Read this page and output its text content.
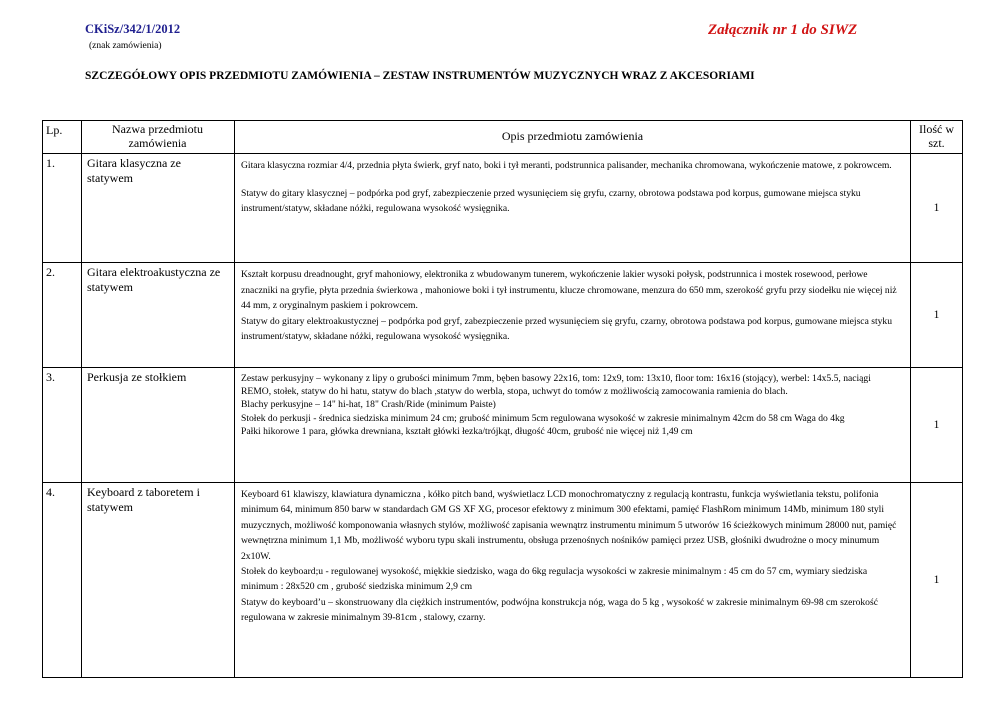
CKiSz/342/1/2012
(znak zamówienia)
Załącznik nr 1 do SIWZ
SZCZEGÓŁOWY OPIS PRZEDMIOTU ZAMÓWIENIA – ZESTAW INSTRUMENTÓW MUZYCZNYCH WRAZ Z AKCESORIAMI
Lp.	Nazwa przedmiotu zamówienia	Opis przedmiotu zamówienia	Ilość w szt.
1.	Gitara klasyczna ze statywem	Gitara klasyczna rozmiar 4/4, przednia płyta świerk, gryf nato, boki i tył meranti, podstrunnica palisander, mechanika chromowana, wykończenie matowe, z pokrowcem.
Statyw do gitary klasycznej – podpórka pod gryf, zabezpieczenie przed wysunięciem się gryfu, czarny, obrotowa podstawa pod korpus, gumowane miejsca styku instrument/statyw, składane nóżki, regulowana wysokość wysięgnika.	1
2.	Gitara elektroakustyczna ze statywem	Kształt korpusu dreadnought, gryf mahoniowy, elektronika z wbudowanym tunerem, wykończenie lakier wysoki połysk, podstrunnica i mostek rosewood, perłowe znaczniki na gryfie, płyta przednia świerkowa , mahoniowe boki i tył instrumentu, klucze chromowane, menzura do 650 mm, szerokość gryfu przy siodełku nie więcej niż 44 mm, z oryginalnym paskiem i pokrowcem.
Statyw do gitary elektroakustycznej – podpórka pod gryf, zabezpieczenie przed wysunięciem się gryfu, czarny, obrotowa podstawa pod korpus, gumowane miejsca styku instrument/statyw, składane nóżki, regulowana wysokość wysięgnika.	1
3.	Perkusja ze stołkiem	Zestaw perkusyjny – wykonany z lipy o grubości minimum 7mm, bęben basowy 22x16, tom: 12x9, tom: 13x10, floor tom: 16x16 (stojący), werbel: 14x5.5, naciągi REMO, stołek, statyw do hi hatu, statyw do blach ,statyw do werbla, stopa, uchwyt do tomów z możliwością zamocowania ramienia do blach.
Blachy perkusyjne – 14" hi-hat, 18" Crash/Ride (minimum Paiste)
Stołek do perkusji - średnica siedziska minimum 24 cm; grubość minimum 5cm regulowana wysokość w zakresie minimalnym 42cm do 58 cm Waga do 4kg
Pałki hikorowe 1 para, główka drewniana, kształt główki łezka/trójkąt, długość 40cm, grubość nie więcej niż 1,49 cm	1
4.	Keyboard z taboretem i statywem	Keyboard 61 klawiszy, klawiatura dynamiczna , kółko pitch band, wyświetlacz LCD monochromatyczny z regulacją kontrastu, funkcja wyświetlania tekstu, polifonia minimum 64, minimum 850 barw w standardach GM GS XF XG, procesor efektowy z minimum 300 efektami, pamięć FlashRom minimum 14Mb, minimum 180 styli muzycznych, możliwość komponowania własnych stylów, możliwość zapisania wewnątrz instrumentu minimum 5 utworów 16 ścieżkowych minimum 28000 nut, pamięć wewnętrzna minimum 1,1 Mb, możliwość wyboru typu skali instrumentu, obsługa przenośnych nośników pamięci przez USB, głośniki dwudrożne o mocy minumum 2x10W.
Stołek do keyboard;u - regulowanej wysokość, miękkie siedzisko, waga do 6kg regulacja wysokości w zakresie minimalnym : 45 cm do 57 cm, wymiary siedziska minimum : 28x520 cm , grubość siedziska minimum 2,9 cm
Statyw do keyboard’u – skonstruowany dla ciężkich instrumentów, podwójna konstrukcja nóg, waga do 5 kg , wysokość w zakresie minimalnym 69-98 cm szerokość regulowana w zakresie minimalnym 39-81cm , stalowy, czarny.	1
